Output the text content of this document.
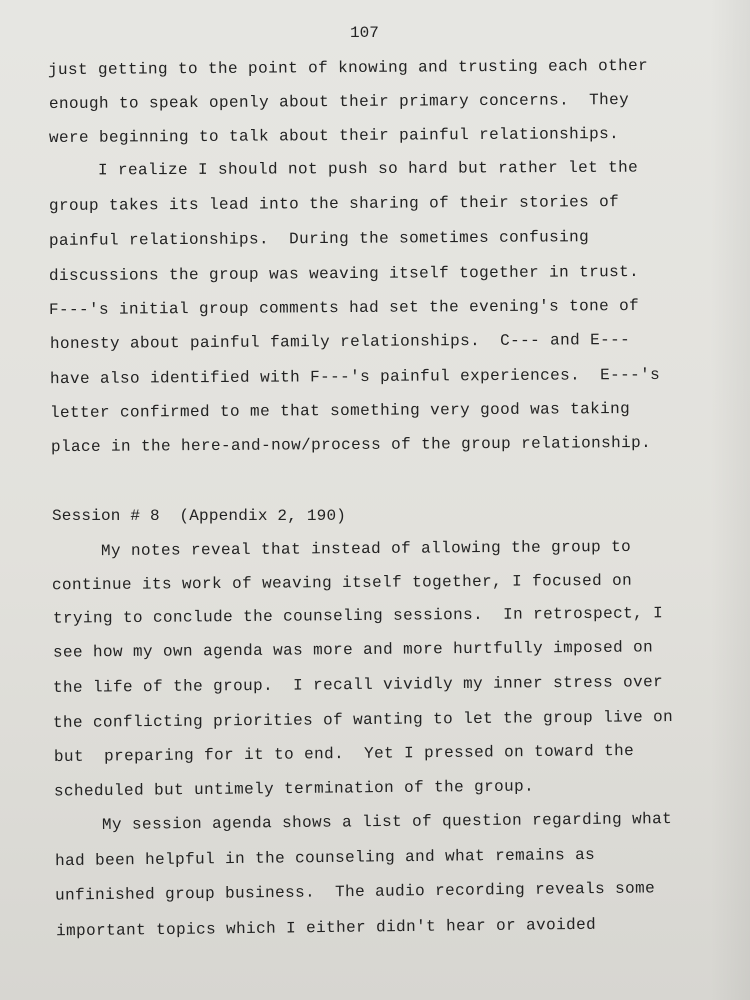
107
just getting to the point of knowing and trusting each other
enough to speak openly about their primary concerns.  They
were beginning to talk about their painful relationships.
I realize I should not push so hard but rather let the
group takes its lead into the sharing of their stories of
painful relationships.  During the sometimes confusing
discussions the group was weaving itself together in trust.
F---'s initial group comments had set the evening's tone of
honesty about painful family relationships.  C--- and E---
have also identified with F---'s painful experiences.  E---'s
letter confirmed to me that something very good was taking
place in the here-and-now/process of the group relationship.
Session # 8  (Appendix 2, 190)
My notes reveal that instead of allowing the group to
continue its work of weaving itself together, I focused on
trying to conclude the counseling sessions.  In retrospect, I
see how my own agenda was more and more hurtfully imposed on
the life of the group.  I recall vividly my inner stress over
the conflicting priorities of wanting to let the group live on
but  preparing for it to end.  Yet I pressed on toward the
scheduled but untimely termination of the group.
My session agenda shows a list of question regarding what
had been helpful in the counseling and what remains as
unfinished group business.  The audio recording reveals some
important topics which I either didn't hear or avoided
